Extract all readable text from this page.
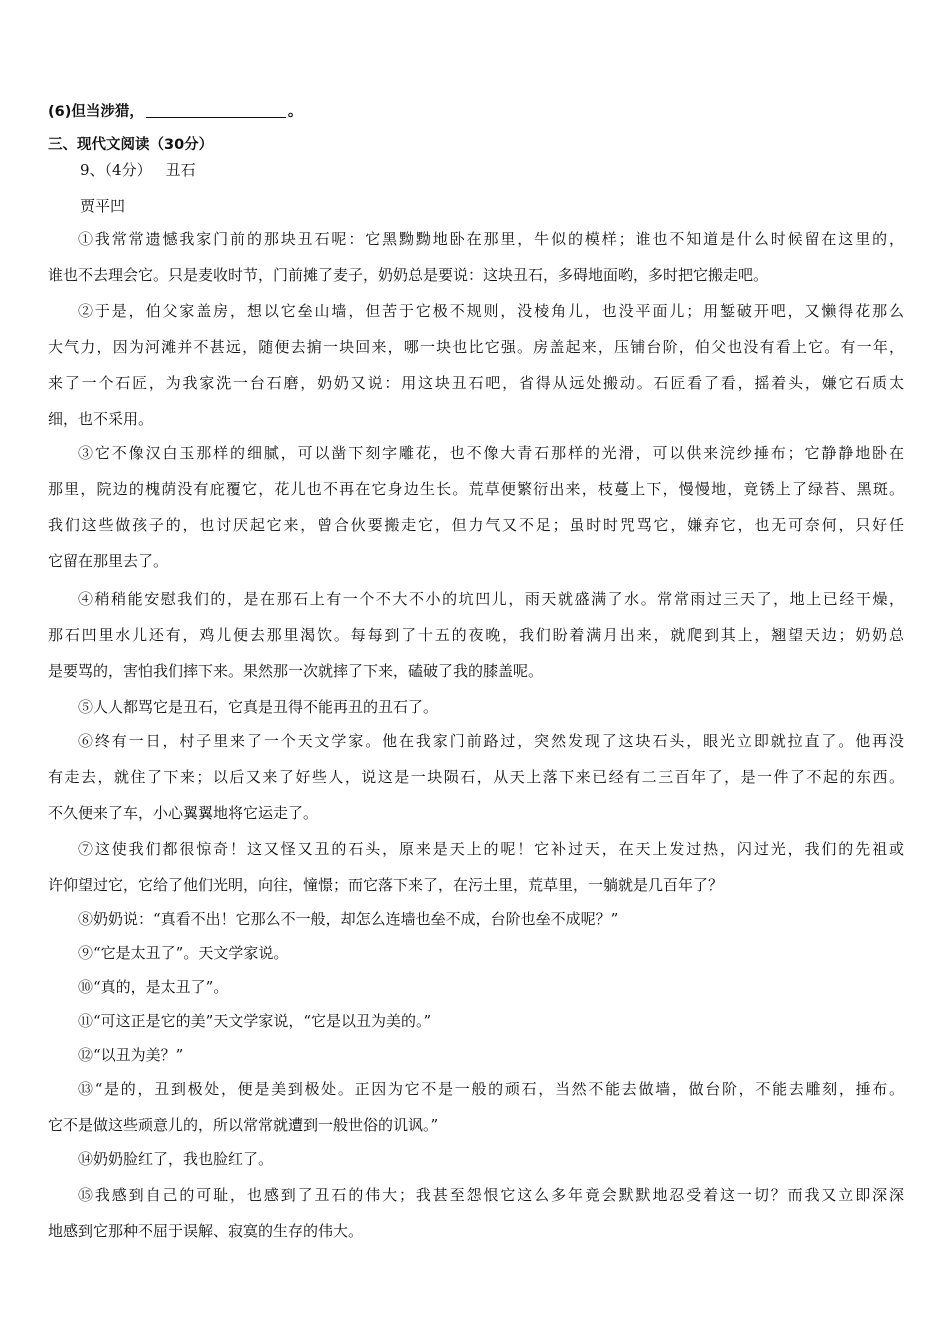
(6)但当涉猎，	。
三、现代文阅读（30分）
9、（4分） 丑石
贾平凹
①我常常遗憾我家门前的那块丑石呢：它黑黝黝地卧在那里，牛似的模样；谁也不知道是什么时候留在这里的，
谁也不去理会它。只是麦收时节，门前摊了麦子，奶奶总是要说：这块丑石，多碍地面哟，多时把它搬走吧。
②于是，伯父家盖房，想以它垒山墙，但苦于它极不规则，没棱角儿，也没平面儿；用錾破开吧，又懒得花那么
大气力，因为河滩并不甚远，随便去掮一块回来，哪一块也比它强。房盖起来，压铺台阶，伯父也没有看上它。有一年，
来了一个石匠，为我家洗一台石磨，奶奶又说：用这块丑石吧，省得从远处搬动。石匠看了看，摇着头，嫌它石质太
细，也不采用。
③它不像汉白玉那样的细腻，可以凿下刻字雕花，也不像大青石那样的光滑，可以供来浣纱捶布；它静静地卧在
那里，院边的槐荫没有庇覆它，花儿也不再在它身边生长。荒草便繁衍出来，枝蔓上下，慢慢地，竟锈上了绿苔、黑斑。
我们这些做孩子的，也讨厌起它来，曾合伙要搬走它，但力气又不足；虽时时咒骂它，嫌弃它，也无可奈何，只好任
它留在那里去了。
④稍稍能安慰我们的，是在那石上有一个不大不小的坑凹儿，雨天就盛满了水。常常雨过三天了，地上已经干燥，
那石凹里水儿还有，鸡儿便去那里渴饮。每每到了十五的夜晚，我们盼着满月出来，就爬到其上，翘望天边；奶奶总
是要骂的，害怕我们摔下来。果然那一次就摔了下来，磕破了我的膝盖呢。
⑤人人都骂它是丑石，它真是丑得不能再丑的丑石了。
⑥终有一日，村子里来了一个天文学家。他在我家门前路过，突然发现了这块石头，眼光立即就拉直了。他再没
有走去，就住了下来；以后又来了好些人，说这是一块陨石，从天上落下来已经有二三百年了，是一件了不起的东西。
不久便来了车，小心翼翼地将它运走了。
⑦这使我们都很惊奇！这又怪又丑的石头，原来是天上的呢！它补过天，在天上发过热，闪过光，我们的先祖或
许仰望过它，它给了他们光明，向往，憧憬；而它落下来了，在污土里，荒草里，一躺就是几百年了？
⑧奶奶说：“真看不出！它那么不一般，却怎么连墙也垒不成，台阶也垒不成呢？”
⑨“它是太丑了”。天文学家说。
⑩“真的，是太丑了”。
⑪“可这正是它的美”天文学家说，“它是以丑为美的。”
⑫“以丑为美？”
⑬“是的，丑到极处，便是美到极处。正因为它不是一般的顽石，当然不能去做墙，做台阶，不能去雕刻，捶布。
它不是做这些顽意儿的，所以常常就遭到一般世俗的讥讽。”
⑭奶奶脸红了，我也脸红了。
⑮我感到自己的可耻，也感到了丑石的伟大；我甚至怨恨它这么多年竟会默默地忍受着这一切？而我又立即深深
地感到它那种不屈于误解、寂寞的生存的伟大。
